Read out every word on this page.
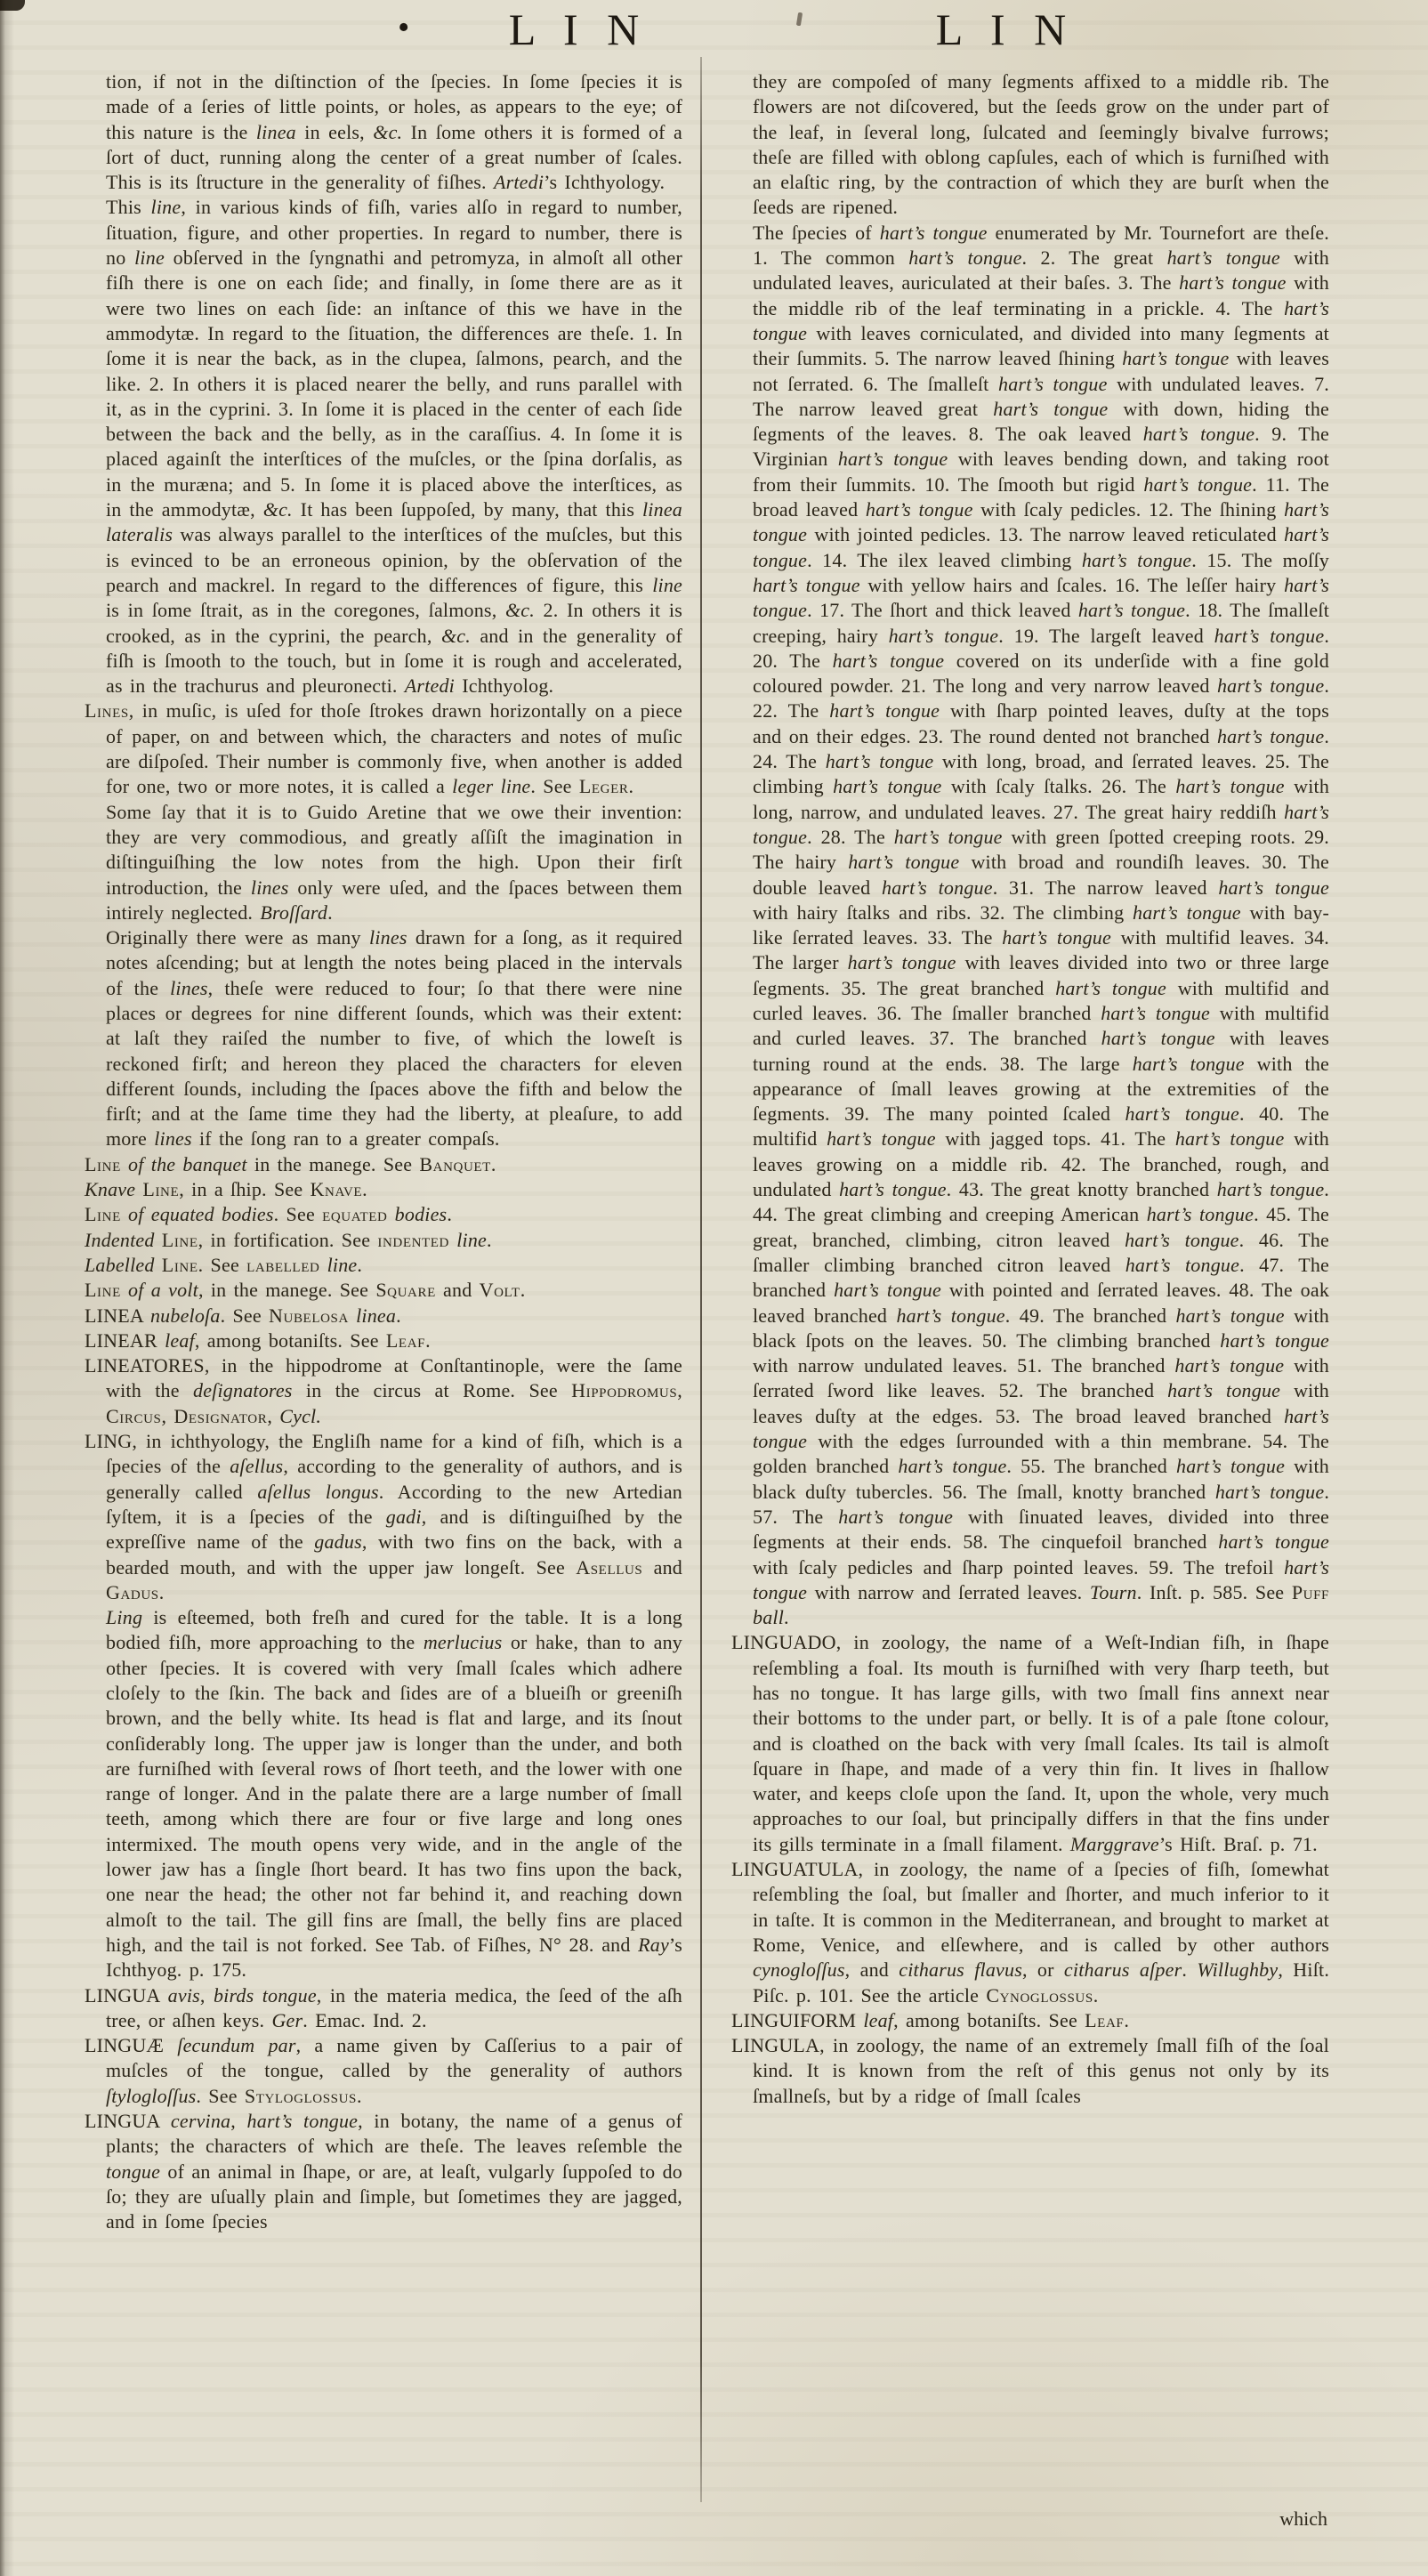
•	L I N	L I N

tion, if not in the diſtinction of the ſpecies. In ſome ſpecies it is made of a ſeries of little points, or holes, as appears to the eye; of this nature is the linea in eels, &c. In ſome others it is formed of a ſort of duct, running along the center of a great number of ſcales. This is its ſtructure in the generality of fiſhes. Artedi’s Ichthyology.

This line, in various kinds of fiſh, varies alſo in regard to number, ſituation, figure, and other properties. In regard to number, there is no line obſerved in the ſyngnathi and petromyza, in almoſt all other fiſh there is one on each ſide; and finally, in ſome there are as it were two lines on each ſide: an inſtance of this we have in the ammodytæ. In regard to the ſituation, the differences are theſe. 1. In ſome it is near the back, as in the clupea, ſalmons, pearch, and the like. 2. In others it is placed nearer the belly, and runs parallel with it, as in the cyprini. 3. In ſome it is placed in the center of each ſide between the back and the belly, as in the caraſſius. 4. In ſome it is placed againſt the interſtices of the muſcles, or the ſpina dorſalis, as in the muræna; and 5. In ſome it is placed above the interſtices, as in the ammodytæ, &c. It has been ſuppoſed, by many, that this linea lateralis was always parallel to the interſtices of the muſcles, but this is evinced to be an erroneous opinion, by the obſervation of the pearch and mackrel. In regard to the differences of figure, this line is in ſome ſtrait, as in the coregones, ſalmons, &c. 2. In others it is crooked, as in the cyprini, the pearch, &c. and in the generality of fiſh is ſmooth to the touch, but in ſome it is rough and accelerated, as in the trachurus and pleuronecti. Artedi Ichthyolog.

Lines, in muſic, is uſed for thoſe ſtrokes drawn horizontally on a piece of paper, on and between which, the characters and notes of muſic are diſpoſed. Their number is commonly five, when another is added for one, two or more notes, it is called a leger line. See Leger.

Some ſay that it is to Guido Aretine that we owe their invention: they are very commodious, and greatly aſſiſt the imagination in diſtinguiſhing the low notes from the high. Upon their firſt introduction, the lines only were uſed, and the ſpaces between them intirely neglected. Broſſard.

Originally there were as many lines drawn for a ſong, as it required notes aſcending; but at length the notes being placed in the intervals of the lines, theſe were reduced to four; ſo that there were nine places or degrees for nine different ſounds, which was their extent: at laſt they raiſed the number to five, of which the loweſt is reckoned firſt; and hereon they placed the characters for eleven different ſounds, including the ſpaces above the fifth and below the firſt; and at the ſame time they had the liberty, at pleaſure, to add more lines if the ſong ran to a greater compaſs.

Line of the banquet in the manege. See Banquet.

Knave Line, in a ſhip. See Knave.

Line of equated bodies. See equated bodies.

Indented Line, in fortification. See indented line.

Labelled Line. See labelled line.

Line of a volt, in the manege. See Square and Volt.

LINEA nubeloſa. See Nubelosa linea.

LINEAR leaf, among botaniſts. See Leaf.

LINEATORES, in the hippodrome at Conſtantinople, were the ſame with the deſignatores in the circus at Rome. See Hippodromus, Circus, Designator, Cycl.

LING, in ichthyology, the Engliſh name for a kind of fiſh, which is a ſpecies of the aſellus, according to the generality of authors, and is generally called aſellus longus. According to the new Artedian ſyſtem, it is a ſpecies of the gadi, and is diſtinguiſhed by the expreſſive name of the gadus, with two fins on the back, with a bearded mouth, and with the upper jaw longeſt. See Asellus and Gadus.

Ling is eſteemed, both freſh and cured for the table. It is a long bodied fiſh, more approaching to the merlucius or hake, than to any other ſpecies. It is covered with very ſmall ſcales which adhere cloſely to the ſkin. The back and ſides are of a blueiſh or greeniſh brown, and the belly white. Its head is flat and large, and its ſnout conſiderably long. The upper jaw is longer than the under, and both are furniſhed with ſeveral rows of ſhort teeth, and the lower with one range of longer. And in the palate there are a large number of ſmall teeth, among which there are four or five large and long ones intermixed. The mouth opens very wide, and in the angle of the lower jaw has a ſingle ſhort beard. It has two fins upon the back, one near the head; the other not far behind it, and reaching down almoſt to the tail. The gill fins are ſmall, the belly fins are placed high, and the tail is not forked. See Tab. of Fiſhes, N° 28. and Ray’s Ichthyog. p. 175.

LINGUA avis, birds tongue, in the materia medica, the ſeed of the aſh tree, or aſhen keys. Ger. Emac. Ind. 2.

LINGUÆ ſecundum par, a name given by Caſſerius to a pair of muſcles of the tongue, called by the generality of authors ſtylogloſſus. See Styloglossus.

LINGUA cervina, hart’s tongue, in botany, the name of a genus of plants; the characters of which are theſe. The leaves reſemble the tongue of an animal in ſhape, or are, at leaſt, vulgarly ſuppoſed to do ſo; they are uſually plain and ſimple, but ſometimes they are jagged, and in ſome ſpecies

they are compoſed of many ſegments affixed to a middle rib. The flowers are not diſcovered, but the ſeeds grow on the under part of the leaf, in ſeveral long, ſulcated and ſeemingly bivalve furrows; theſe are filled with oblong capſules, each of which is furniſhed with an elaſtic ring, by the contraction of which they are burſt when the ſeeds are ripened.

The ſpecies of hart’s tongue enumerated by Mr. Tournefort are theſe. 1. The common hart’s tongue. 2. The great hart’s tongue with undulated leaves, auriculated at their baſes. 3. The hart’s tongue with the middle rib of the leaf terminating in a prickle. 4. The hart’s tongue with leaves corniculated, and divided into many ſegments at their ſummits. 5. The narrow leaved ſhining hart’s tongue with leaves not ſerrated. 6. The ſmalleſt hart’s tongue with undulated leaves. 7. The narrow leaved great hart’s tongue with down, hiding the ſegments of the leaves. 8. The oak leaved hart’s tongue. 9. The Virginian hart’s tongue with leaves bending down, and taking root from their ſummits. 10. The ſmooth but rigid hart’s tongue. 11. The broad leaved hart’s tongue with ſcaly pedicles. 12. The ſhining hart’s tongue with jointed pedicles. 13. The narrow leaved reticulated hart’s tongue. 14. The ilex leaved climbing hart’s tongue. 15. The moſſy hart’s tongue with yellow hairs and ſcales. 16. The leſſer hairy hart’s tongue. 17. The ſhort and thick leaved hart’s tongue. 18. The ſmalleſt creeping, hairy hart’s tongue. 19. The largeſt leaved hart’s tongue. 20. The hart’s tongue covered on its underſide with a fine gold coloured powder. 21. The long and very narrow leaved hart’s tongue. 22. The hart’s tongue with ſharp pointed leaves, duſty at the tops and on their edges. 23. The round dented not branched hart’s tongue. 24. The hart’s tongue with long, broad, and ſerrated leaves. 25. The climbing hart’s tongue with ſcaly ſtalks. 26. The hart’s tongue with long, narrow, and undulated leaves. 27. The great hairy reddiſh hart’s tongue. 28. The hart’s tongue with green ſpotted creeping roots. 29. The hairy hart’s tongue with broad and roundiſh leaves. 30. The double leaved hart’s tongue. 31. The narrow leaved hart’s tongue with hairy ſtalks and ribs. 32. The climbing hart’s tongue with bay-like ſerrated leaves. 33. The hart’s tongue with multifid leaves. 34. The larger hart’s tongue with leaves divided into two or three large ſegments. 35. The great branched hart’s tongue with multifid and curled leaves. 36. The ſmaller branched hart’s tongue with multifid and curled leaves. 37. The branched hart’s tongue with leaves turning round at the ends. 38. The large hart’s tongue with the appearance of ſmall leaves growing at the extremities of the ſegments. 39. The many pointed ſcaled hart’s tongue. 40. The multifid hart’s tongue with jagged tops. 41. The hart’s tongue with leaves growing on a middle rib. 42. The branched, rough, and undulated hart’s tongue. 43. The great knotty branched hart’s tongue. 44. The great climbing and creeping American hart’s tongue. 45. The great, branched, climbing, citron leaved hart’s tongue. 46. The ſmaller climbing branched citron leaved hart’s tongue. 47. The branched hart’s tongue with pointed and ſerrated leaves. 48. The oak leaved branched hart’s tongue. 49. The branched hart’s tongue with black ſpots on the leaves. 50. The climbing branched hart’s tongue with narrow undulated leaves. 51. The branched hart’s tongue with ſerrated ſword like leaves. 52. The branched hart’s tongue with leaves duſty at the edges. 53. The broad leaved branched hart’s tongue with the edges ſurrounded with a thin membrane. 54. The golden branched hart’s tongue. 55. The branched hart’s tongue with black duſty tubercles. 56. The ſmall, knotty branched hart’s tongue. 57. The hart’s tongue with ſinuated leaves, divided into three ſegments at their ends. 58. The cinquefoil branched hart’s tongue with ſcaly pedicles and ſharp pointed leaves. 59. The trefoil hart’s tongue with narrow and ſerrated leaves. Tourn. Inſt. p. 585. See Puff ball.

LINGUADO, in zoology, the name of a Weſt-Indian fiſh, in ſhape reſembling a foal. Its mouth is furniſhed with very ſharp teeth, but has no tongue. It has large gills, with two ſmall fins annext near their bottoms to the under part, or belly. It is of a pale ſtone colour, and is cloathed on the back with very ſmall ſcales. Its tail is almoſt ſquare in ſhape, and made of a very thin fin. It lives in ſhallow water, and keeps cloſe upon the ſand. It, upon the whole, very much approaches to our ſoal, but principally differs in that the fins under its gills terminate in a ſmall filament. Marggrave’s Hiſt. Braſ. p. 71.

LINGUATULA, in zoology, the name of a ſpecies of fiſh, ſomewhat reſembling the ſoal, but ſmaller and ſhorter, and much inferior to it in taſte. It is common in the Mediterranean, and brought to market at Rome, Venice, and elſewhere, and is called by other authors cynogloſſus, and citharus flavus, or citharus aſper. Willughby, Hiſt. Piſc. p. 101. See the article Cynoglossus.

LINGUIFORM leaf, among botaniſts. See Leaf.

LINGULA, in zoology, the name of an extremely ſmall fiſh of the ſoal kind. It is known from the reſt of this genus not only by its ſmallneſs, but by a ridge of ſmall ſcales

which
